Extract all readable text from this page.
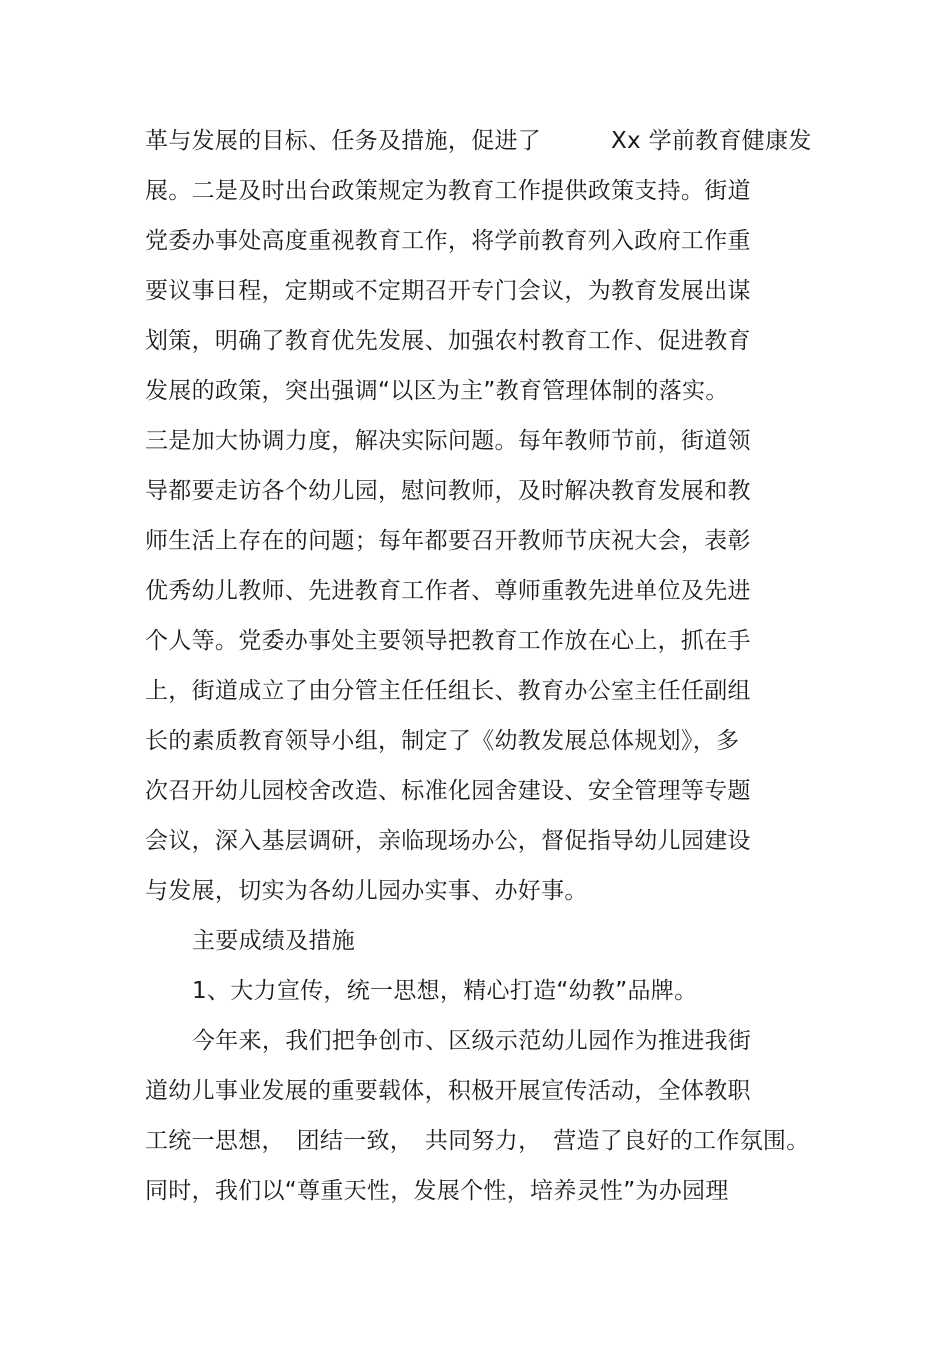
革与发展的目标、任务及措施，促进了　　　Xx 学前教育健康发
展。二是及时出台政策规定为教育工作提供政策支持。街道
党委办事处高度重视教育工作，将学前教育列入政府工作重
要议事日程，定期或不定期召开专门会议，为教育发展出谋
划策，明确了教育优先发展、加强农村教育工作、促进教育
发展的政策，突出强调“以区为主”教育管理体制的落实。
三是加大协调力度，解决实际问题。每年教师节前，街道领
导都要走访各个幼儿园，慰问教师，及时解决教育发展和教
师生活上存在的问题；每年都要召开教师节庆祝大会，表彰
优秀幼儿教师、先进教育工作者、尊师重教先进单位及先进
个人等。党委办事处主要领导把教育工作放在心上，抓在手
上，街道成立了由分管主任任组长、教育办公室主任任副组
长的素质教育领导小组，制定了《幼教发展总体规划》，多
次召开幼儿园校舍改造、标准化园舍建设、安全管理等专题
会议，深入基层调研，亲临现场办公，督促指导幼儿园建设
与发展，切实为各幼儿园办实事、办好事。
主要成绩及措施
1、大力宣传，统一思想，精心打造“幼教”品牌。
今年来，我们把争创市、区级示范幼儿园作为推进我街
道幼儿事业发展的重要载体，积极开展宣传活动，全体教职
工统一思想，　团结一致，　共同努力，　营造了良好的工作氛围。
同时，我们以“尊重天性，发展个性，培养灵性”为办园理
